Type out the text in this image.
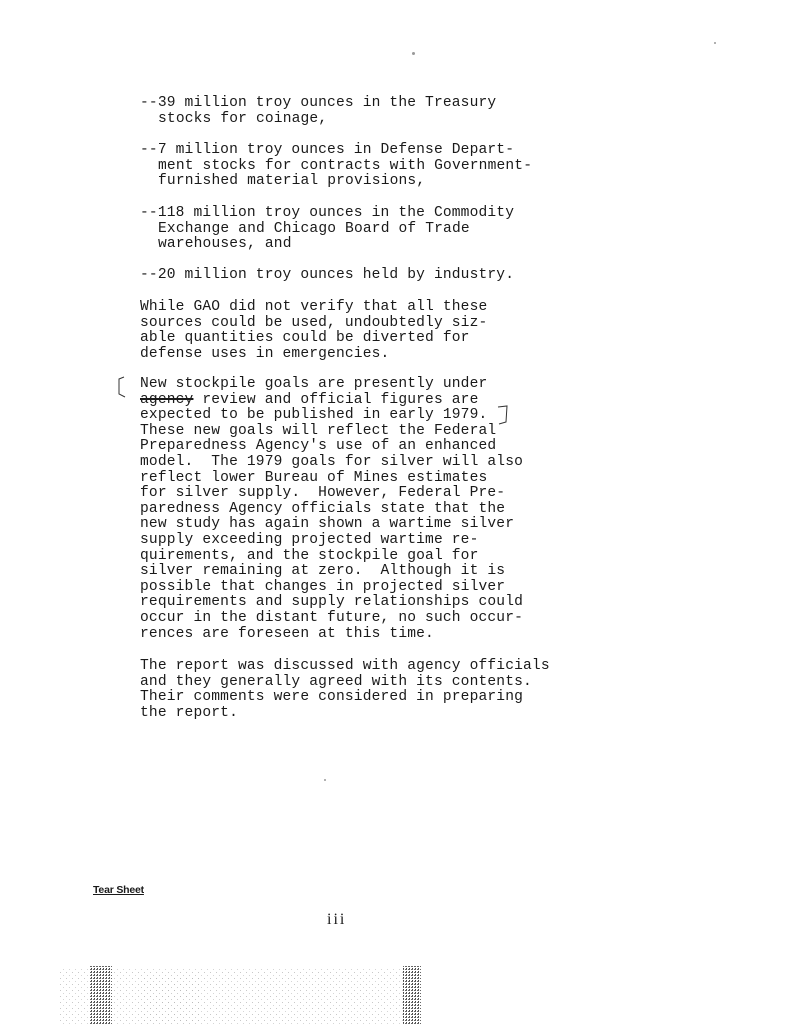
--39 million troy ounces in the Treasury
stocks for coinage,
--7 million troy ounces in Defense Depart-
ment stocks for contracts with Government-
furnished material provisions,
--118 million troy ounces in the Commodity
Exchange and Chicago Board of Trade
warehouses, and
--20 million troy ounces held by industry.
While GAO did not verify that all these
sources could be used, undoubtedly siz-
able quantities could be diverted for
defense uses in emergencies.
New stockpile goals are presently under
agency review and official figures are
expected to be published in early 1979.
These new goals will reflect the Federal
Preparedness Agency's use of an enhanced
model.  The 1979 goals for silver will also
reflect lower Bureau of Mines estimates
for silver supply.  However, Federal Pre-
paredness Agency officials state that the
new study has again shown a wartime silver
supply exceeding projected wartime re-
quirements, and the stockpile goal for
silver remaining at zero.  Although it is
possible that changes in projected silver
requirements and supply relationships could
occur in the distant future, no such occur-
rences are foreseen at this time.
The report was discussed with agency officials
and they generally agreed with its contents.
Their comments were considered in preparing
the report.
Tear Sheet
iii
